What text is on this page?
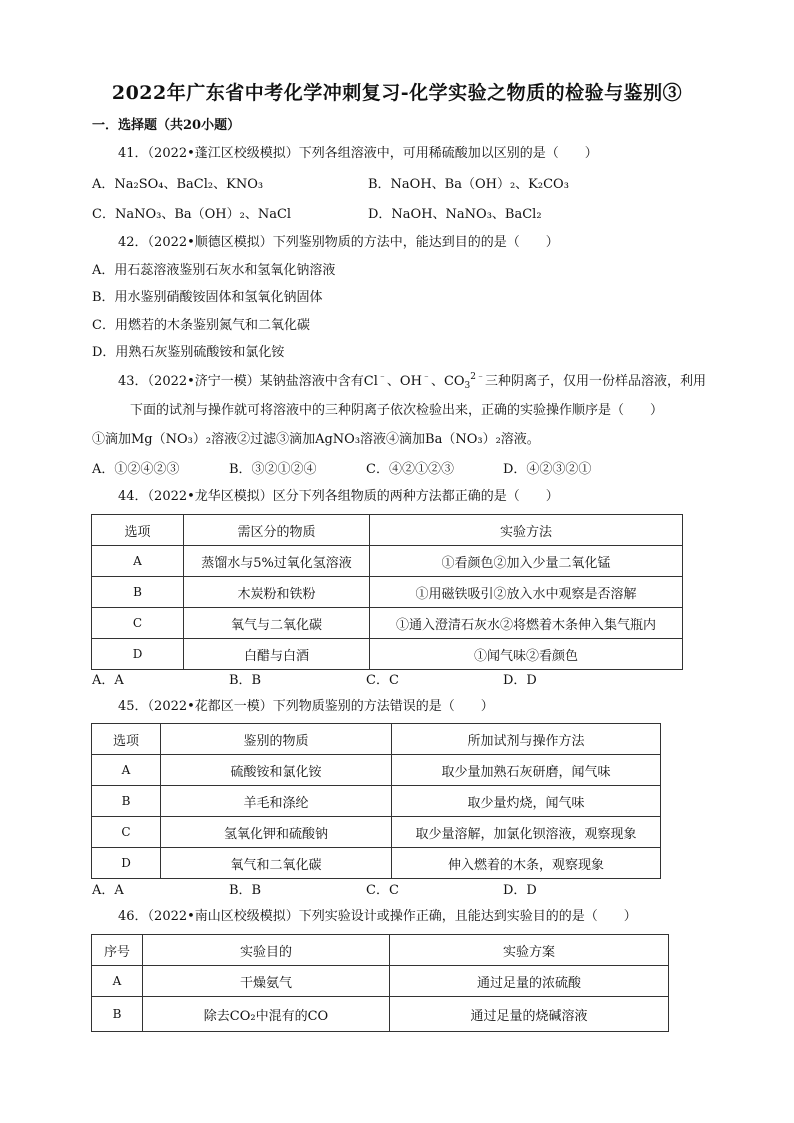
2022年广东省中考化学冲刺复习-化学实验之物质的检验与鉴别③
一．选择题（共20小题）
41．（2022•蓬江区校级模拟）下列各组溶液中，可用稀硫酸加以区别的是（　　）
A．Na₂SO₄、BaCl₂、KNO₃	B．NaOH、Ba（OH）₂、K₂CO₃
C．NaNO₃、Ba（OH）₂、NaCl	D．NaOH、NaNO₃、BaCl₂
42．（2022•顺德区模拟）下列鉴别物质的方法中，能达到目的的是（　　）
A．用石蕊溶液鉴别石灰水和氢氧化钠溶液
B．用水鉴别硝酸铵固体和氢氧化钠固体
C．用燃若的木条鉴别氮气和二氧化碳
D．用熟石灰鉴别硫酸铵和氯化铵
43．（2022•济宁一模）某钠盐溶液中含有Cl﹣、OH﹣、$CO_3^{2﹣}$三种阴离子，仅用一份样品溶液，利用
下面的试剂与操作就可将溶液中的三种阴离子依次检验出来，正确的实验操作顺序是（　　）
①滴加Mg（NO₃）₂溶液②过滤③滴加AgNO₃溶液④滴加Ba（NO₃）₂溶液。
A．①②④②③	B．③②①②④	C．④②①②③	D．④②③②①
44．（2022•龙华区模拟）区分下列各组物质的两种方法都正确的是（　　）
选项	需区分的物质	实验方法
A	蒸馏水与5%过氧化氢溶液	①看颜色②加入少量二氧化锰
B	木炭粉和铁粉	①用磁铁吸引②放入水中观察是否溶解
C	氧气与二氧化碳	①通入澄清石灰水②将燃着木条伸入集气瓶内
D	白醋与白酒	①闻气味②看颜色
A．A	B．B	C．C	D．D
45．（2022•花都区一模）下列物质鉴别的方法错误的是（　　）
选项	鉴别的物质	所加试剂与操作方法
A	硫酸铵和氯化铵	取少量加熟石灰研磨，闻气味
B	羊毛和涤纶	取少量灼烧，闻气味
C	氢氧化钾和硫酸钠	取少量溶解，加氯化钡溶液，观察现象
D	氧气和二氧化碳	伸入燃着的木条，观察现象
A．A	B．B	C．C	D．D
46．（2022•南山区校级模拟）下列实验设计或操作正确，且能达到实验目的的是（　　）
序号	实验目的	实验方案
A	干燥氨气	通过足量的浓硫酸
B	除去CO₂中混有的CO	通过足量的烧碱溶液
